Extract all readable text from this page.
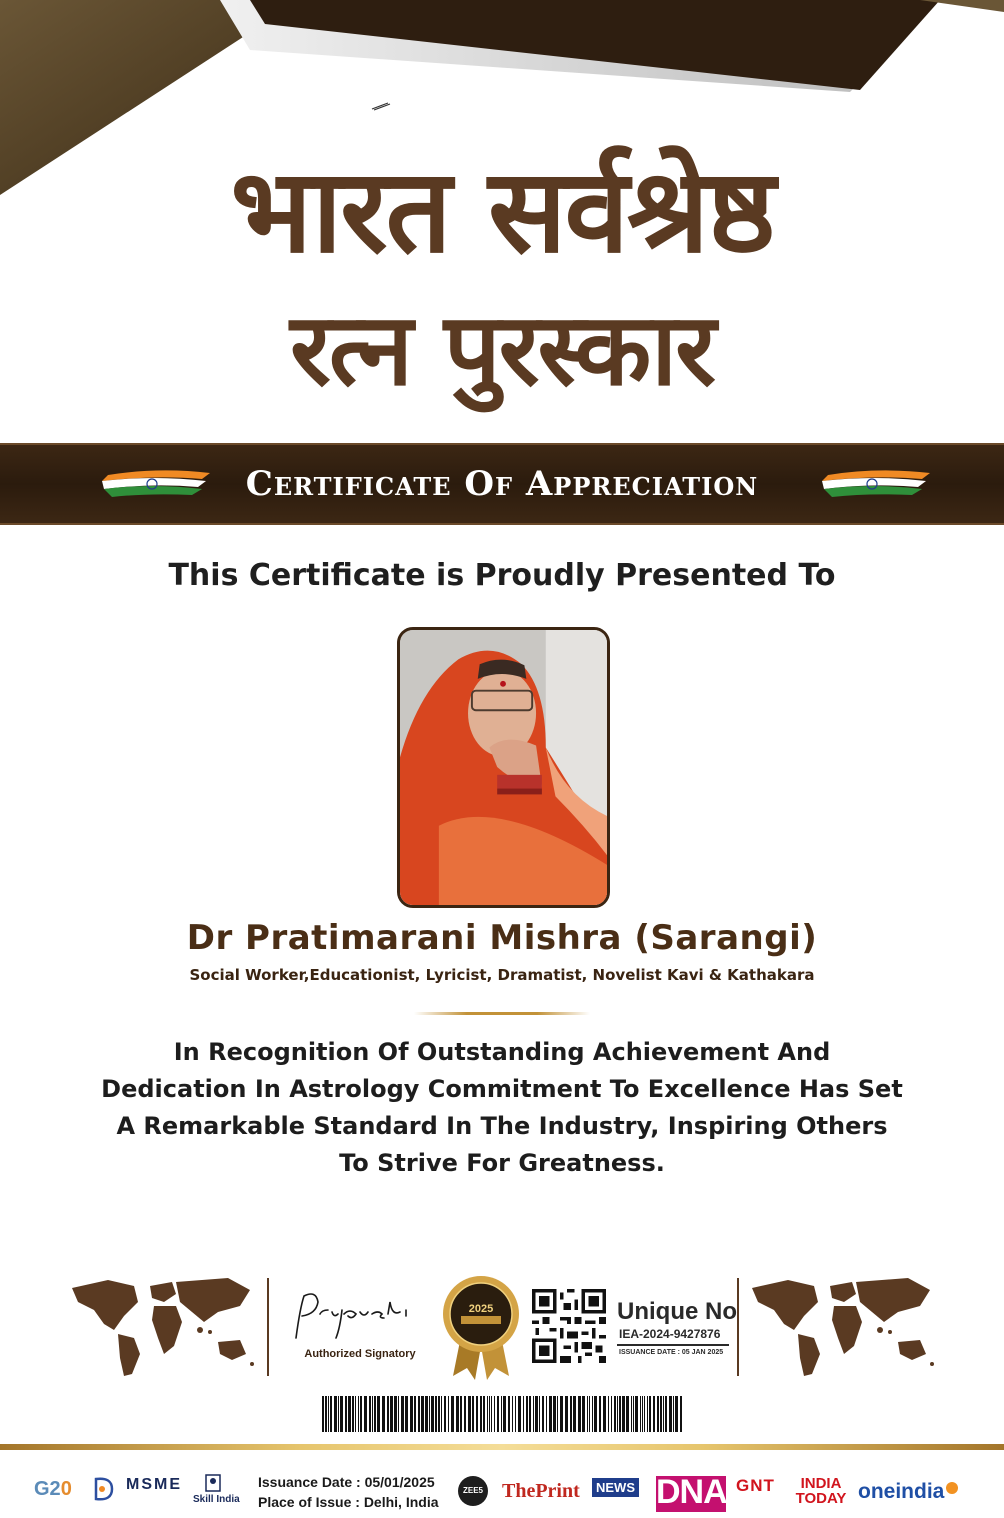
भारत सर्वश्रेष्ठ
रत्न पुरस्कार
Certificate Of Appreciation
This Certificate is Proudly Presented To
Dr Pratimarani Mishra (Sarangi)
Social Worker,Educationist, Lyricist, Dramatist, Novelist Kavi & Kathakara
In Recognition Of Outstanding Achievement And Dedication In Astrology Commitment To Excellence Has Set A Remarkable Standard In The Industry, Inspiring Others To Strive For Greatness.
Authorized Signatory
2025	Unique No
IEA-2024-9427876
ISSUANCE DATE : 05 JAN 2025
G20	MSME
Skill India
Issuance Date : 05/01/2025
Place of Issue : Delhi, India
ZEE5 ThePrint	NEWS DNA GNT	INDIA TODAY oneindia
